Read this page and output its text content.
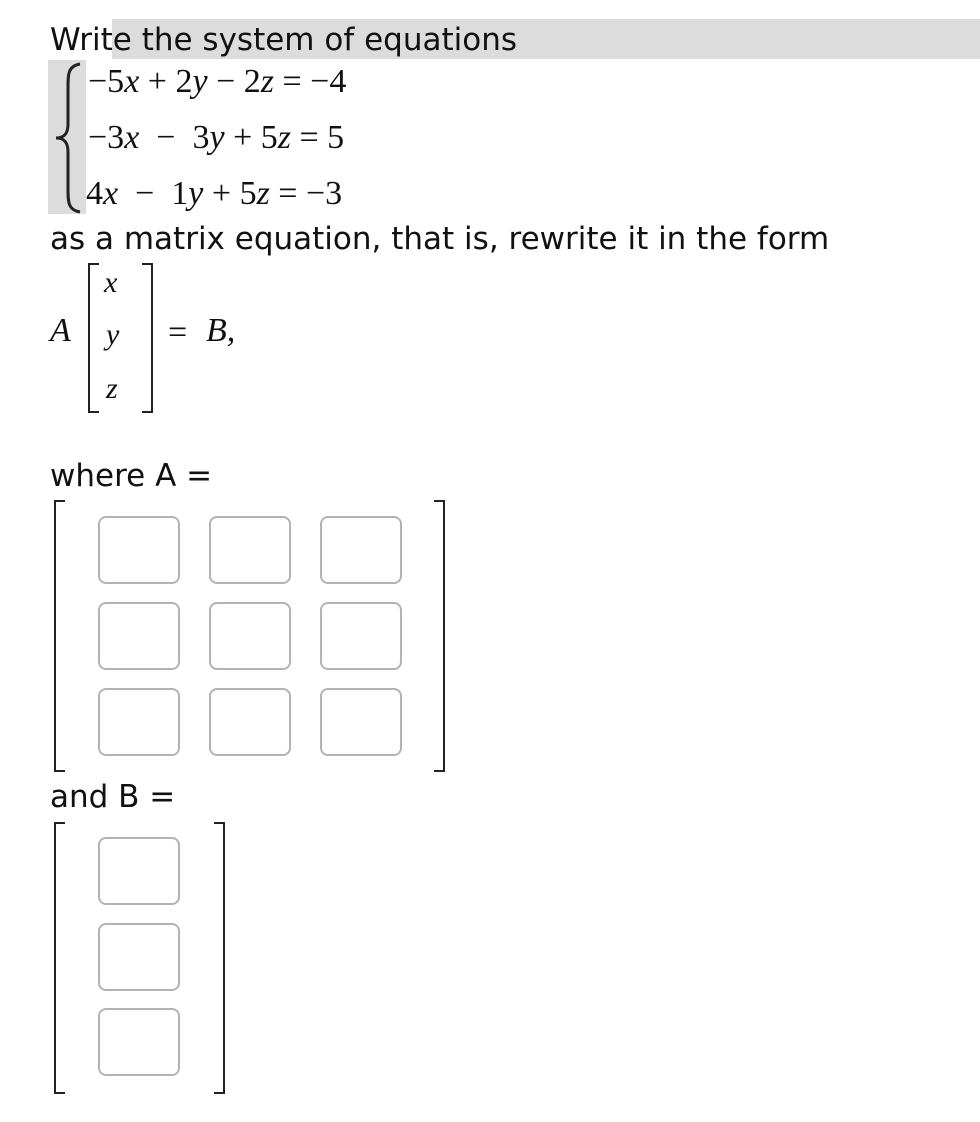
Write the system of equations
−5x + 2y − 2z = −4
−3x − 3y + 5z = 5
4x − 1y + 5z = −3
as a matrix equation, that is, rewrite it in the form
A
x
y
z
= B,
where A =
and B =
